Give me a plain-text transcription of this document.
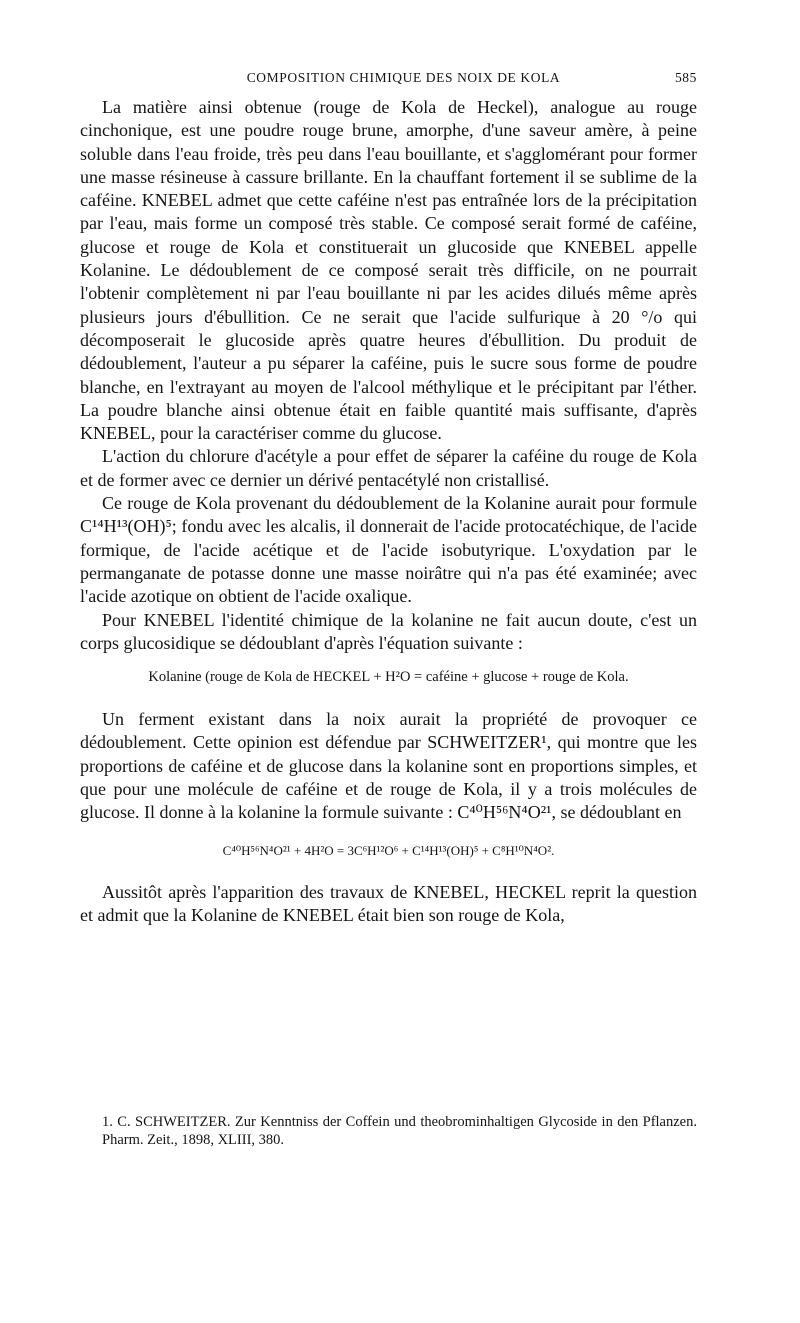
COMPOSITION CHIMIQUE DES NOIX DE KOLA	585

La matière ainsi obtenue (rouge de Kola de Heckel), analogue au rouge cinchonique, est une poudre rouge brune, amorphe, d'une saveur amère, à peine soluble dans l'eau froide, très peu dans l'eau bouillante, et s'agglomérant pour former une masse résineuse à cassure brillante. En la chauffant fortement il se sublime de la caféine. KNEBEL admet que cette caféine n'est pas entraînée lors de la précipitation par l'eau, mais forme un composé très stable. Ce composé serait formé de caféine, glucose et rouge de Kola et constituerait un glucoside que KNEBEL appelle Kolanine. Le dédoublement de ce composé serait très difficile, on ne pourrait l'obtenir complètement ni par l'eau bouillante ni par les acides dilués même après plusieurs jours d'ébullition. Ce ne serait que l'acide sulfurique à 20 °/o qui décomposerait le glucoside après quatre heures d'ébullition. Du produit de dédoublement, l'auteur a pu séparer la caféine, puis le sucre sous forme de poudre blanche, en l'extrayant au moyen de l'alcool méthylique et le précipitant par l'éther. La poudre blanche ainsi obtenue était en faible quantité mais suffisante, d'après KNEBEL, pour la caractériser comme du glucose.

L'action du chlorure d'acétyle a pour effet de séparer la caféine du rouge de Kola et de former avec ce dernier un dérivé pentacétylé non cristallisé.

Ce rouge de Kola provenant du dédoublement de la Kolanine aurait pour formule C¹⁴H¹³(OH)⁵; fondu avec les alcalis, il donnerait de l'acide protocatéchique, de l'acide formique, de l'acide acétique et de l'acide isobutyrique. L'oxydation par le permanganate de potasse donne une masse noirâtre qui n'a pas été examinée; avec l'acide azotique on obtient de l'acide oxalique.

Pour KNEBEL l'identité chimique de la kolanine ne fait aucun doute, c'est un corps glucosidique se dédoublant d'après l'équation suivante :

Kolanine (rouge de Kola de HECKEL + H²O = caféine + glucose + rouge de Kola.

Un ferment existant dans la noix aurait la propriété de provoquer ce dédoublement. Cette opinion est défendue par SCHWEITZER¹, qui montre que les proportions de caféine et de glucose dans la kolanine sont en proportions simples, et que pour une molécule de caféine et de rouge de Kola, il y a trois molécules de glucose. Il donne à la kolanine la formule suivante : C⁴⁰H⁵⁶N⁴O²¹, se dédoublant en

C⁴⁰H⁵⁶N⁴O²¹ + 4H²O = 3C⁶H¹²O⁶ + C¹⁴H¹³(OH)⁵ + C⁸H¹⁰N⁴O².

Aussitôt après l'apparition des travaux de KNEBEL, HECKEL reprit la question et admit que la Kolanine de KNEBEL était bien son rouge de Kola,

1. C. SCHWEITZER. Zur Kenntniss der Coffein und theobrominhaltigen Glycoside in den Pflanzen. Pharm. Zeit., 1898, XLIII, 380.
